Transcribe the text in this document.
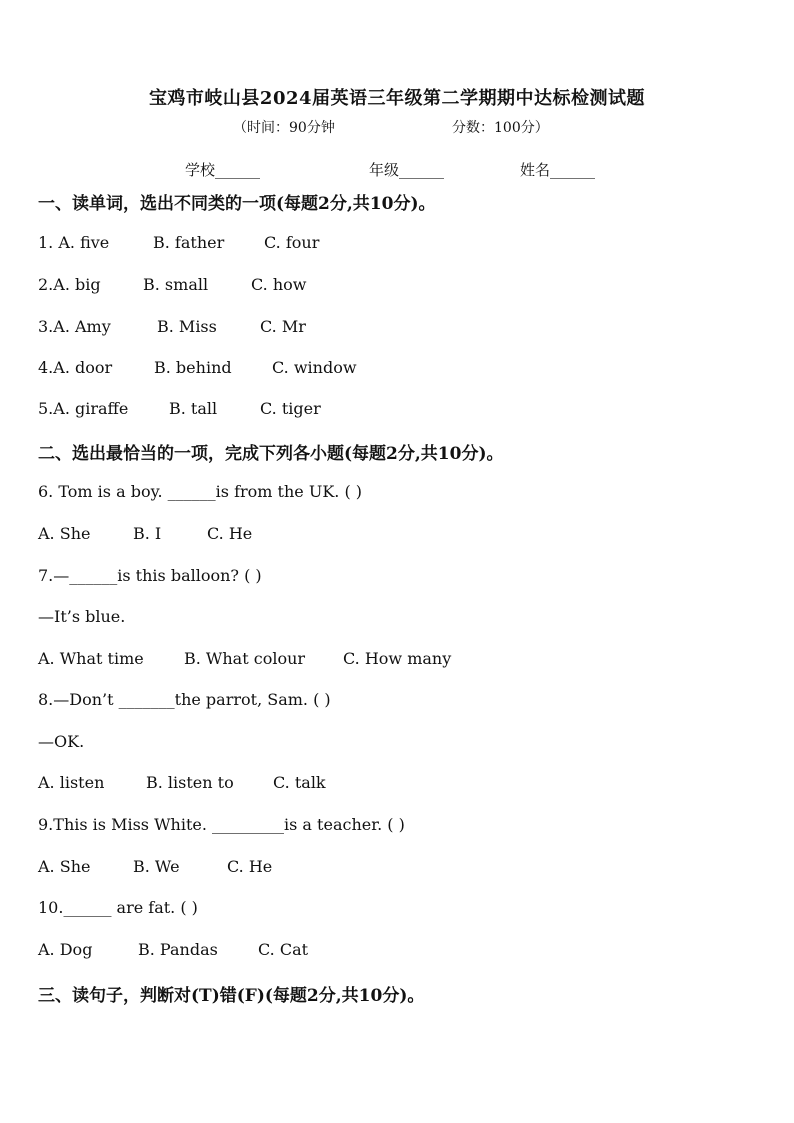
宝鸡市岐山县2024届英语三年级第二学期期中达标检测试题
（时间：90分钟	分数：100分）
学校______	年级______	姓名______
一、读单词，选出不同类的一项(每题2分,共10分)。
1. A. five	B. father C. four
2.A. big	B. small	C. how
3.A. Amy	B. Miss	C. Mr
4.A. door	B. behind	C. window
5.A. giraffe	B. tall	C. tiger
二、选出最恰当的一项，完成下列各小题(每题2分,共10分)。
6. Tom is a boy. ______is from the UK. ( )
A. She	B. I	C. He
7.—______is this balloon? ( )
—It’s blue.
A. What time	B. What colour C. How many
8.—Don’t _______the parrot, Sam. ( )
—OK.
A. listen	B. listen to C. talk
9.This is Miss White. _________is a teacher. ( )
A. She	B. We	C. He
10.______ are fat. ( )
A. Dog	B. Pandas	C. Cat
三、读句子，判断对(T)错(F)(每题2分,共10分)。
